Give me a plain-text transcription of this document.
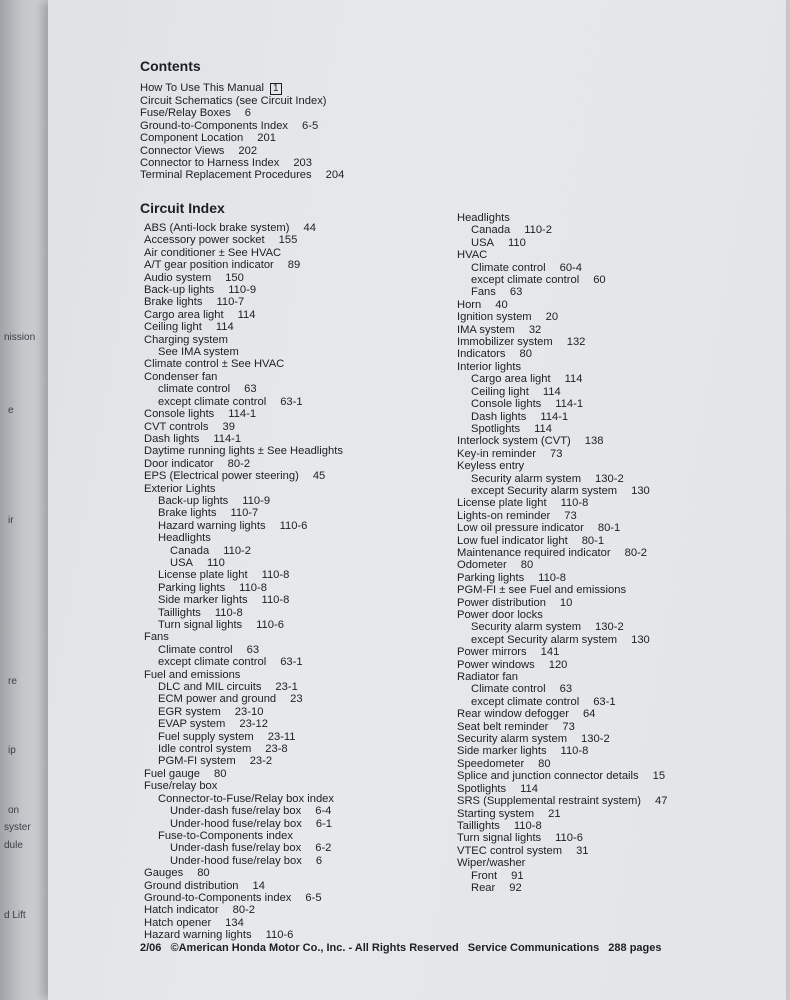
nission
e
ir
re
ip
on
syster
dule
d Lift
Contents
How To Use This Manual 1
Circuit Schematics (see Circuit Index)
Fuse/Relay Boxes 6
Ground-to-Components Index 6-5
Component Location 201
Connector Views 202
Connector to Harness Index 203
Terminal Replacement Procedures 204
Circuit Index
ABS (Anti-lock brake system) 44
Accessory power socket 155
Air conditioner ± See HVAC
A/T gear position indicator 89
Audio system 150
Back-up lights 110-9
Brake lights 110-7
Cargo area light 114
Ceiling light 114
Charging system
See IMA system
Climate control ± See HVAC
Condenser fan
climate control 63
except climate control 63-1
Console lights 114-1
CVT controls 39
Dash lights 114-1
Daytime running lights ± See Headlights
Door indicator 80-2
EPS (Electrical power steering) 45
Exterior Lights
Back-up lights 110-9
Brake lights 110-7
Hazard warning lights 110-6
Headlights
Canada 110-2
USA 110
License plate light 110-8
Parking lights 110-8
Side marker lights 110-8
Taillights 110-8
Turn signal lights 110-6
Fans
Climate control 63
except climate control 63-1
Fuel and emissions
DLC and MIL circuits 23-1
ECM power and ground 23
EGR system 23-10
EVAP system 23-12
Fuel supply system 23-11
Idle control system 23-8
PGM-FI system 23-2
Fuel gauge 80
Fuse/relay box
Connector-to-Fuse/Relay box index
Under-dash fuse/relay box 6-4
Under-hood fuse/relay box 6-1
Fuse-to-Components index
Under-dash fuse/relay box 6-2
Under-hood fuse/relay box 6
Gauges 80
Ground distribution 14
Ground-to-Components index 6-5
Hatch indicator 80-2
Hatch opener 134
Hazard warning lights 110-6
Headlights
Canada 110-2
USA 110
HVAC
Climate control 60-4
except climate control 60
Fans 63
Horn 40
Ignition system 20
IMA system 32
Immobilizer system 132
Indicators 80
Interior lights
Cargo area light 114
Ceiling light 114
Console lights 114-1
Dash lights 114-1
Spotlights 114
Interlock system (CVT) 138
Key-in reminder 73
Keyless entry
Security alarm system 130-2
except Security alarm system 130
License plate light 110-8
Lights-on reminder 73
Low oil pressure indicator 80-1
Low fuel indicator light 80-1
Maintenance required indicator 80-2
Odometer 80
Parking lights 110-8
PGM-FI ± see Fuel and emissions
Power distribution 10
Power door locks
Security alarm system 130-2
except Security alarm system 130
Power mirrors 141
Power windows 120
Radiator fan
Climate control 63
except climate control 63-1
Rear window defogger 64
Seat belt reminder 73
Security alarm system 130-2
Side marker lights 110-8
Speedometer 80
Splice and junction connector details 15
Spotlights 114
SRS (Supplemental restraint system) 47
Starting system 21
Taillights 110-8
Turn signal lights 110-6
VTEC control system 31
Wiper/washer
Front 91
Rear 92
2/06 ©American Honda Motor Co., Inc. - All Rights Reserved Service Communications 288 pages
